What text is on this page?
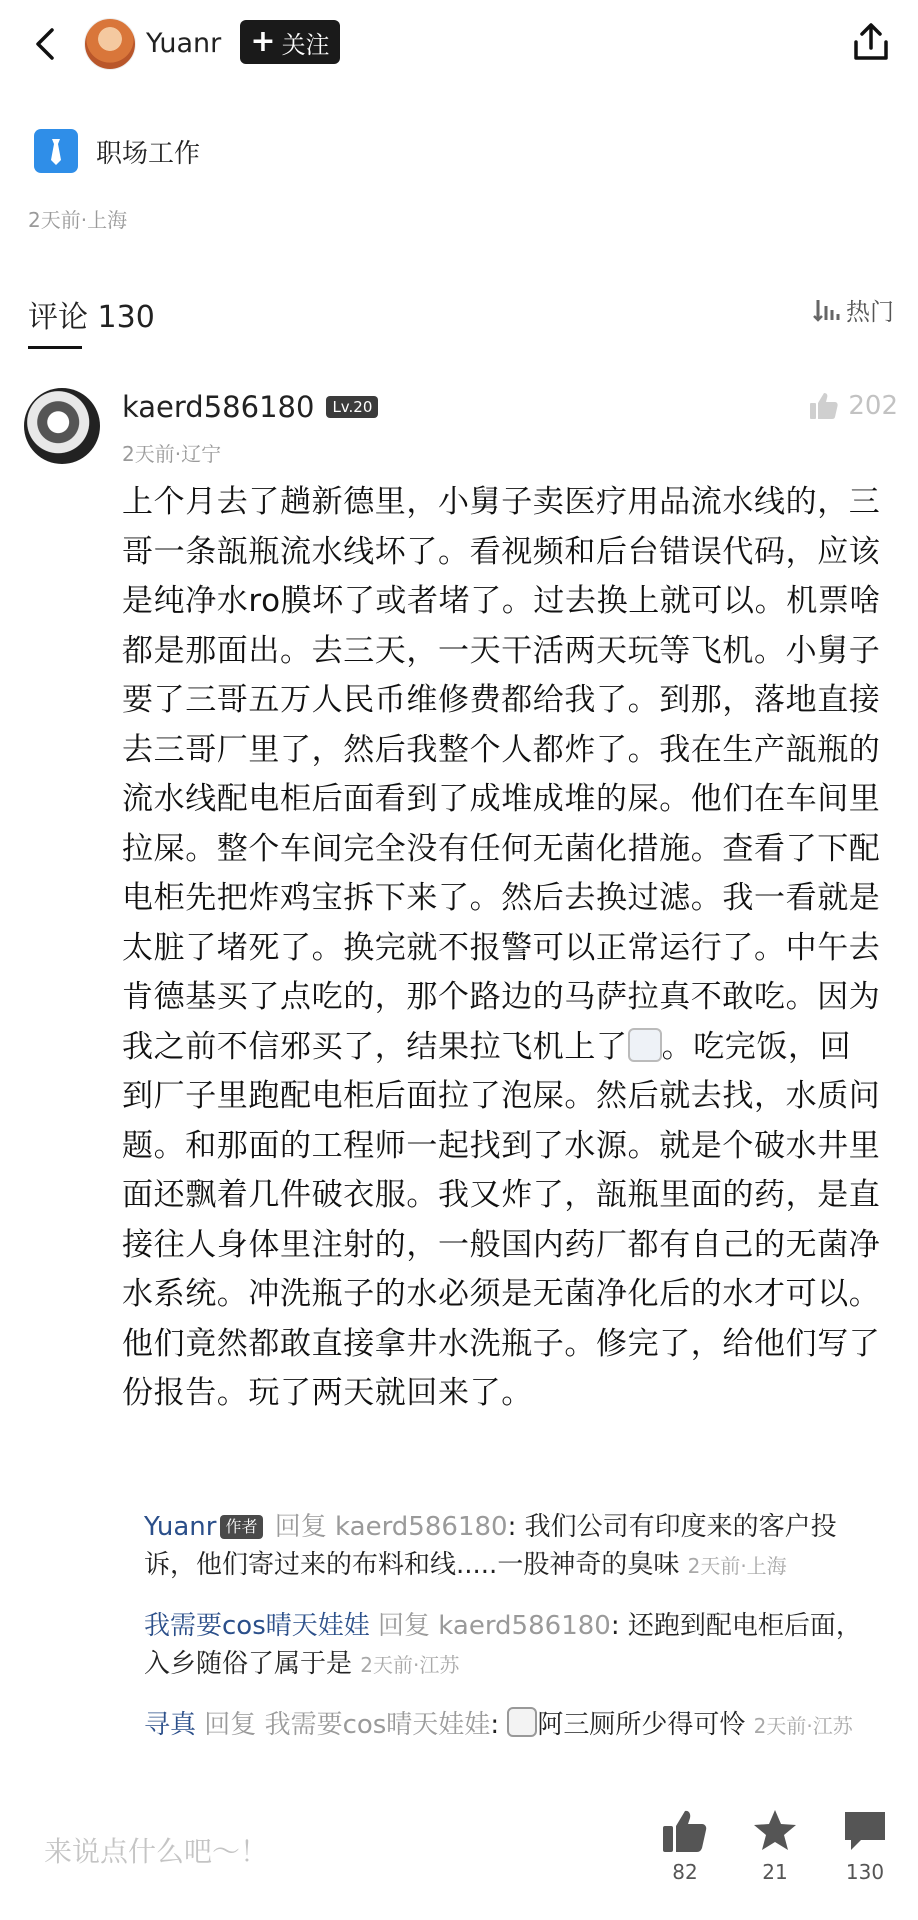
Yuanr + 关注
职场工作
2天前·上海
评论 130	热门
kaerd586180	Lv.20
2天前·辽宁
202
上个月去了趟新德里，小舅子卖医疗用品流水线的，三哥一条瓿瓶流水线坏了。看视频和后台错误代码，应该是纯净水ro膜坏了或者堵了。过去换上就可以。机票啥都是那面出。去三天，一天干活两天玩等飞机。小舅子要了三哥五万人民币维修费都给我了。到那，落地直接去三哥厂里了，然后我整个人都炸了。我在生产瓿瓶的流水线配电柜后面看到了成堆成堆的屎。他们在车间里拉屎。整个车间完全没有任何无菌化措施。查看了下配电柜先把炸鸡宝拆下来了。然后去换过滤。我一看就是太脏了堵死了。换完就不报警可以正常运行了。中午去肯德基买了点吃的，那个路边的马萨拉真不敢吃。因为我之前不信邪买了，结果拉飞机上了 。吃完饭，回到厂子里跑配电柜后面拉了泡屎。然后就去找，水质问题。和那面的工程师一起找到了水源。就是个破水井里面还飘着几件破衣服。我又炸了，瓿瓶里面的药，是直接往人身体里注射的，一般国内药厂都有自己的无菌净水系统。冲洗瓶子的水必须是无菌净化后的水才可以。他们竟然都敢直接拿井水洗瓶子。修完了，给他们写了份报告。玩了两天就回来了。
Yuanr 作者 回复 kaerd586180: 我们公司有印度来的客户投诉，他们寄过来的布料和线.....一股神奇的臭味 2天前·上海
我需要cos晴天娃娃 回复 kaerd586180: 还跑到配电柜后面，入乡随俗了属于是 2天前·江苏
寻真 回复 我需要cos晴天娃娃: 阿三厕所少得可怜 2天前·江苏
来说点什么吧～！
82	21	130
